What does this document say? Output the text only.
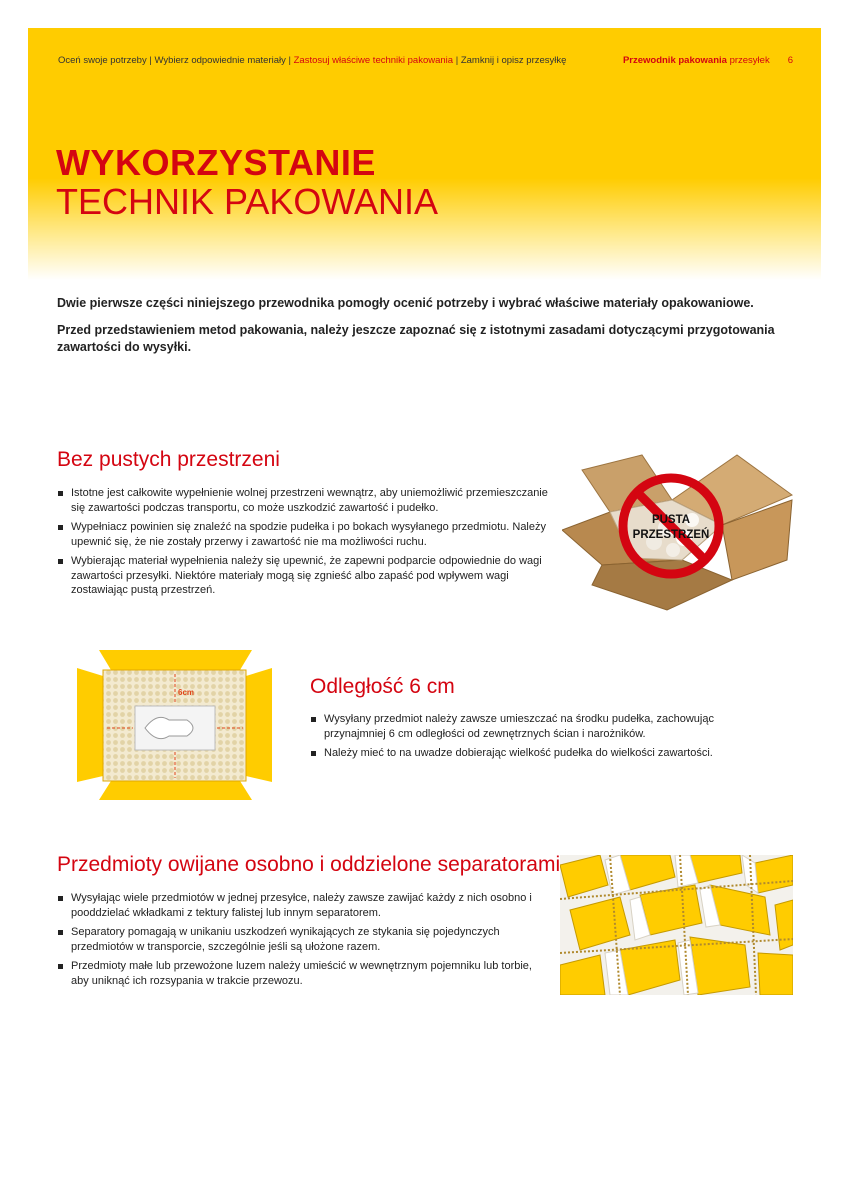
Oceń swoje potrzeby | Wybierz odpowiednie materiały | Zastosuj właściwe techniki pakowania | Zamknij i opisz przesyłkę	Przewodnik pakowania przesyłek 6
WYKORZYSTANIE
TECHNIK PAKOWANIA

Dwie pierwsze części niniejszego przewodnika pomogły ocenić potrzeby i wybrać właściwe materiały opakowaniowe.

Przed przedstawieniem metod pakowania, należy jeszcze zapoznać się z istotnymi zasadami dotyczącymi przygotowania zawartości do wysyłki.

Bez pustych przestrzeni
Istotne jest całkowite wypełnienie wolnej przestrzeni wewnątrz, aby uniemożliwić przemieszczanie się zawartości podczas transportu, co może uszkodzić zawartość i pudełko.
Wypełniacz powinien się znaleźć na spodzie pudełka i po bokach wysyłanego przedmiotu. Należy upewnić się, że nie zostały przerwy i zawartość nie ma możliwości ruchu.
Wybierając materiał wypełnienia należy się upewnić, że zapewni podparcie odpowiednie do wagi zawartości przesyłki. Niektóre materiały mogą się zgnieść albo zapaść pod wpływem wagi zostawiając pustą przestrzeń.
PUSTA
PRZESTRZEŃ
6cm	Odległość 6 cm
Wysyłany przedmiot należy zawsze umieszczać na środku pudełka, zachowując przynajmniej 6 cm odległości od zewnętrznych ścian i narożników.
Należy mieć to na uwadze dobierając wielkość pudełka do wielkości zawartości.
Przedmioty owijane osobno i oddzielone separatorami
Wysyłając wiele przedmiotów w jednej przesyłce, należy zawsze zawijać każdy z nich osobno i pooddzielać wkładkami z tektury falistej lub innym separatorem.
Separatory pomagają w unikaniu uszkodzeń wynikających ze stykania się pojedynczych przedmiotów w transporcie, szczególnie jeśli są ułożone razem.
Przedmioty małe lub przewożone luzem należy umieścić w wewnętrznym pojemniku lub torbie, aby uniknąć ich rozsypania w trakcie przewozu.
